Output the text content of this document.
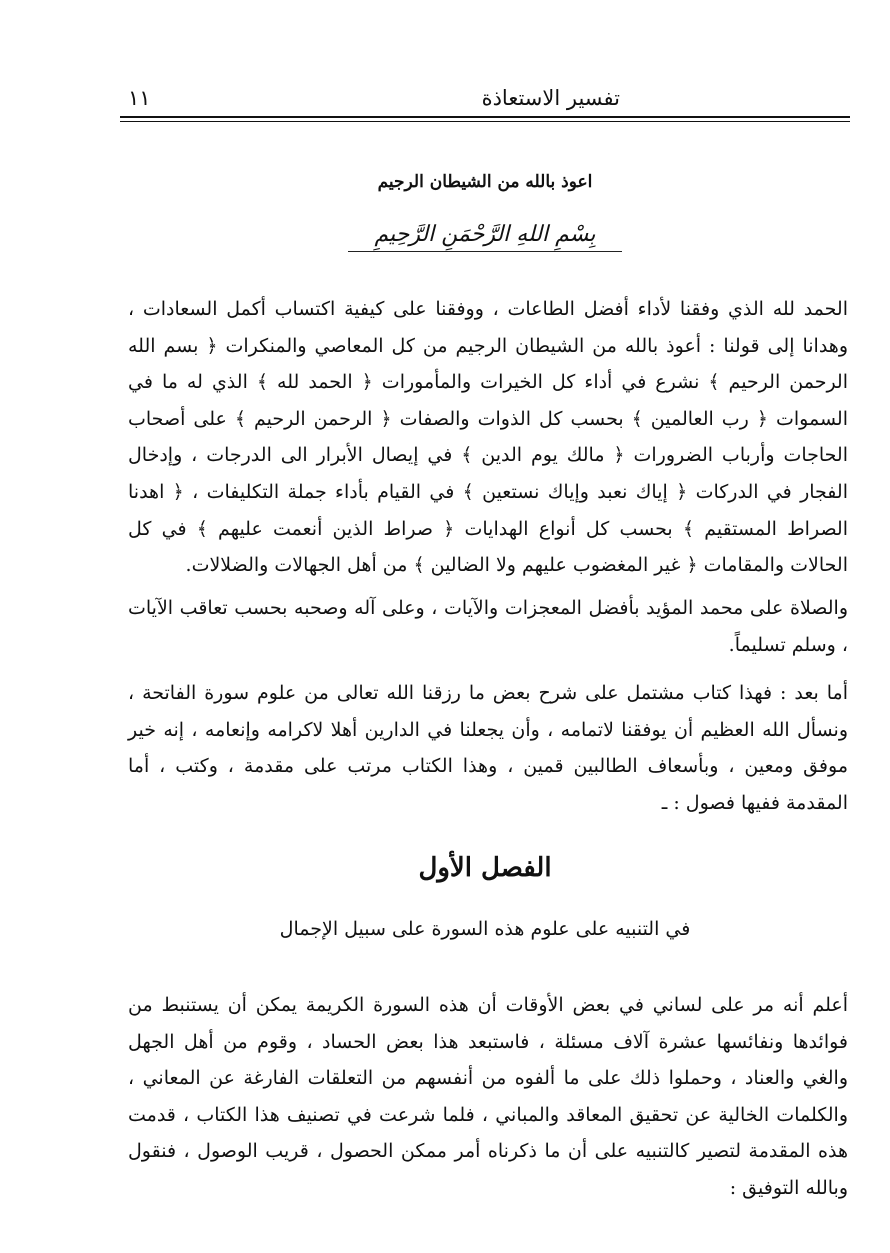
١١	تفسير الاستعاذة
اعوذ بالله من الشيطان الرجيم
بِسْمِ اللهِ الرَّحْمَنِ الرَّحِيمِ

الحمد لله الذي وفقنا لأداء أفضل الطاعات ، ووفقنا على كيفية اكتساب أكمل السعادات ، وهدانا إلى قولنا : أعوذ بالله من الشيطان الرجيم من كل المعاصي والمنكرات ﴿ بسم الله الرحمن الرحيم ﴾ نشرع في أداء كل الخيرات والمأمورات ﴿ الحمد لله ﴾ الذي له ما في السموات ﴿ رب العالمين ﴾ بحسب كل الذوات والصفات ﴿ الرحمن الرحيم ﴾ على أصحاب الحاجات وأرباب الضرورات ﴿ مالك يوم الدين ﴾ في إيصال الأبرار الى الدرجات ، وإدخال الفجار في الدركات ﴿ إياك نعبد وإياك نستعين ﴾ في القيام بأداء جملة التكليفات ، ﴿ اهدنا الصراط المستقيم ﴾ بحسب كل أنواع الهدايات ﴿ صراط الذين أنعمت عليهم ﴾ في كل الحالات والمقامات ﴿ غير المغضوب عليهم ولا الضالين ﴾ من أهل الجهالات والضلالات.

والصلاة على محمد المؤيد بأفضل المعجزات والآيات ، وعلى آله وصحبه بحسب تعاقب الآيات ، وسلم تسليماً.

أما بعد : فهذا كتاب مشتمل على شرح بعض ما رزقنا الله تعالى من علوم سورة الفاتحة ، ونسأل الله العظيم أن يوفقنا لاتمامه ، وأن يجعلنا في الدارين أهلا لاكرامه وإنعامه ، إنه خير موفق ومعين ، وبأسعاف الطالبين قمين ، وهذا الكتاب مرتب على مقدمة ، وكتب ، أما المقدمة ففيها فصول : ـ

الفصل الأول
في التنبيه على علوم هذه السورة على سبيل الإجمال

أعلم أنه مر على لساني في بعض الأوقات أن هذه السورة الكريمة يمكن أن يستنبط من فوائدها ونفائسها عشرة آلاف مسئلة ، فاستبعد هذا بعض الحساد ، وقوم من أهل الجهل والغي والعناد ، وحملوا ذلك على ما ألفوه من أنفسهم من التعلقات الفارغة عن المعاني ، والكلمات الخالية عن تحقيق المعاقد والمباني ، فلما شرعت في تصنيف هذا الكتاب ، قدمت هذه المقدمة لتصير كالتنبيه على أن ما ذكرناه أمر ممكن الحصول ، قريب الوصول ، فنقول وبالله التوفيق :
